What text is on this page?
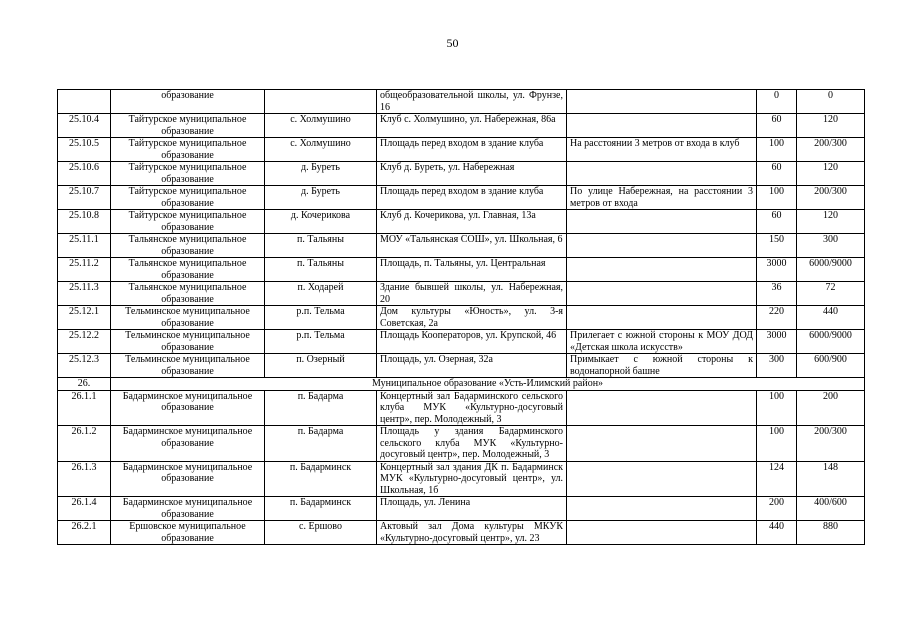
50
	образование		общеобразовательной школы, ул. Фрунзе, 16		0	0
25.10.4	Тайтурское муниципальное образование	с. Холмушино	Клуб с. Холмушино, ул. Набережная, 86а		60	120
25.10.5	Тайтурское муниципальное образование	с. Холмушино	Площадь перед входом в здание клуба	На расстоянии 3 метров от входа в клуб	100	200/300
25.10.6	Тайтурское муниципальное образование	д. Буреть	Клуб д. Буреть, ул. Набережная		60	120
25.10.7	Тайтурское муниципальное образование	д. Буреть	Площадь перед входом в здание клуба	По улице Набережная, на расстоянии 3 метров от входа	100	200/300
25.10.8	Тайтурское муниципальное образование	д. Кочерикова	Клуб д. Кочерикова, ул. Главная, 13а		60	120
25.11.1	Тальянское муниципальное образование	п. Тальяны	МОУ «Тальянская СОШ», ул. Школьная, 6		150	300
25.11.2	Тальянское муниципальное образование	п. Тальяны	Площадь, п. Тальяны, ул. Центральная		3000	6000/9000
25.11.3	Тальянское муниципальное образование	п. Ходарей	Здание бывшей школы, ул. Набережная, 20		36	72
25.12.1	Тельминское муниципальное образование	р.п. Тельма	Дом культуры «Юность», ул. 3-я Советская, 2а		220	440
25.12.2	Тельминское муниципальное образование	р.п. Тельма	Площадь Кооператоров, ул. Крупской, 46	Прилегает с южной стороны к МОУ ДОД «Детская школа искусств»	3000	6000/9000
25.12.3	Тельминское муниципальное образование	п. Озерный	Площадь, ул. Озерная, 32а	Примыкает с южной стороны к водонапорной башне	300	600/900
26.	Муниципальное образование «Усть-Илимский район»					
26.1.1	Бадарминское муниципальное образование	п. Бадарма	Концертный зал Бадарминского сельского клуба МУК «Культурно-досуговый центр», пер. Молодежный, 3		100	200
26.1.2	Бадарминское муниципальное образование	п. Бадарма	Площадь у здания Бадарминского сельского клуба МУК «Культурно-досуговый центр», пер. Молодежный, 3		100	200/300
26.1.3	Бадарминское муниципальное образование	п. Бадарминск	Концертный зал здания ДК п. Бадарминск МУК «Культурно-досуговый центр», ул. Школьная, 1б		124	148
26.1.4	Бадарминское муниципальное образование	п. Бадарминск	Площадь, ул. Ленина		200	400/600
26.2.1	Ершовское муниципальное образование	с. Ершово	Актовый зал Дома культуры МКУК «Культурно-досуговый центр», ул. 23		440	880
